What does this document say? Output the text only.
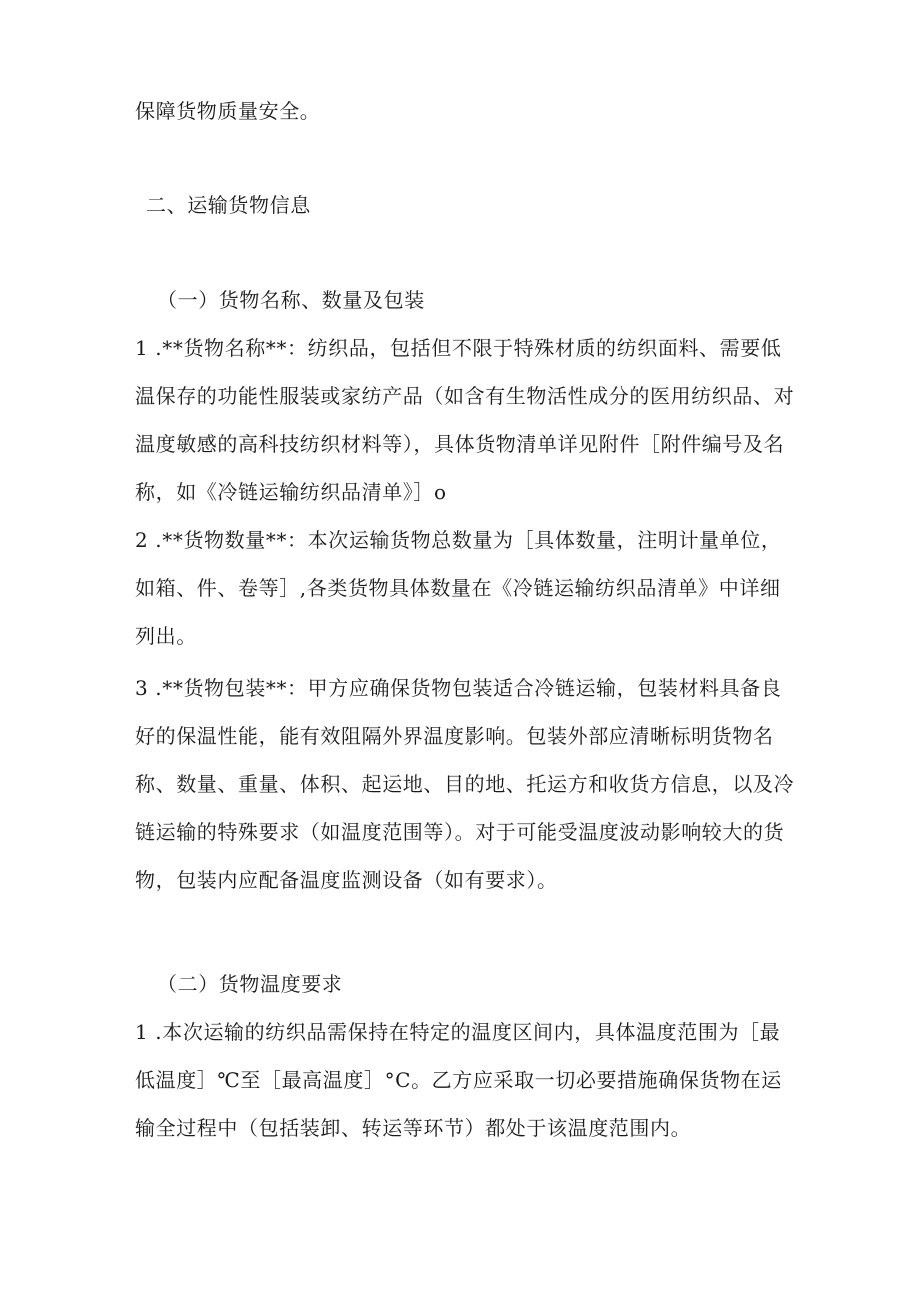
保障货物质量安全。
二、运输货物信息
（一）货物名称、数量及包装
1 .**货物名称**：纺织品，包括但不限于特殊材质的纺织面料、需要低
温保存的功能性服装或家纺产品（如含有生物活性成分的医用纺织品、对
温度敏感的高科技纺织材料等），具体货物清单详见附件［附件编号及名
称，如《冷链运输纺织品清单》］o
2 .**货物数量**：本次运输货物总数量为［具体数量，注明计量单位，
如箱、件、卷等］,各类货物具体数量在《冷链运输纺织品清单》中详细
列出。
3 .**货物包装**：甲方应确保货物包装适合冷链运输，包装材料具备良
好的保温性能，能有效阻隔外界温度影响。包装外部应清晰标明货物名
称、数量、重量、体积、起运地、目的地、托运方和收货方信息，以及冷
链运输的特殊要求（如温度范围等）。对于可能受温度波动影响较大的货
物，包装内应配备温度监测设备（如有要求）。
（二）货物温度要求
1 .本次运输的纺织品需保持在特定的温度区间内，具体温度范围为［最
低温度］℃至［最高温度］°C。乙方应采取一切必要措施确保货物在运
输全过程中（包括装卸、转运等环节）都处于该温度范围内。
